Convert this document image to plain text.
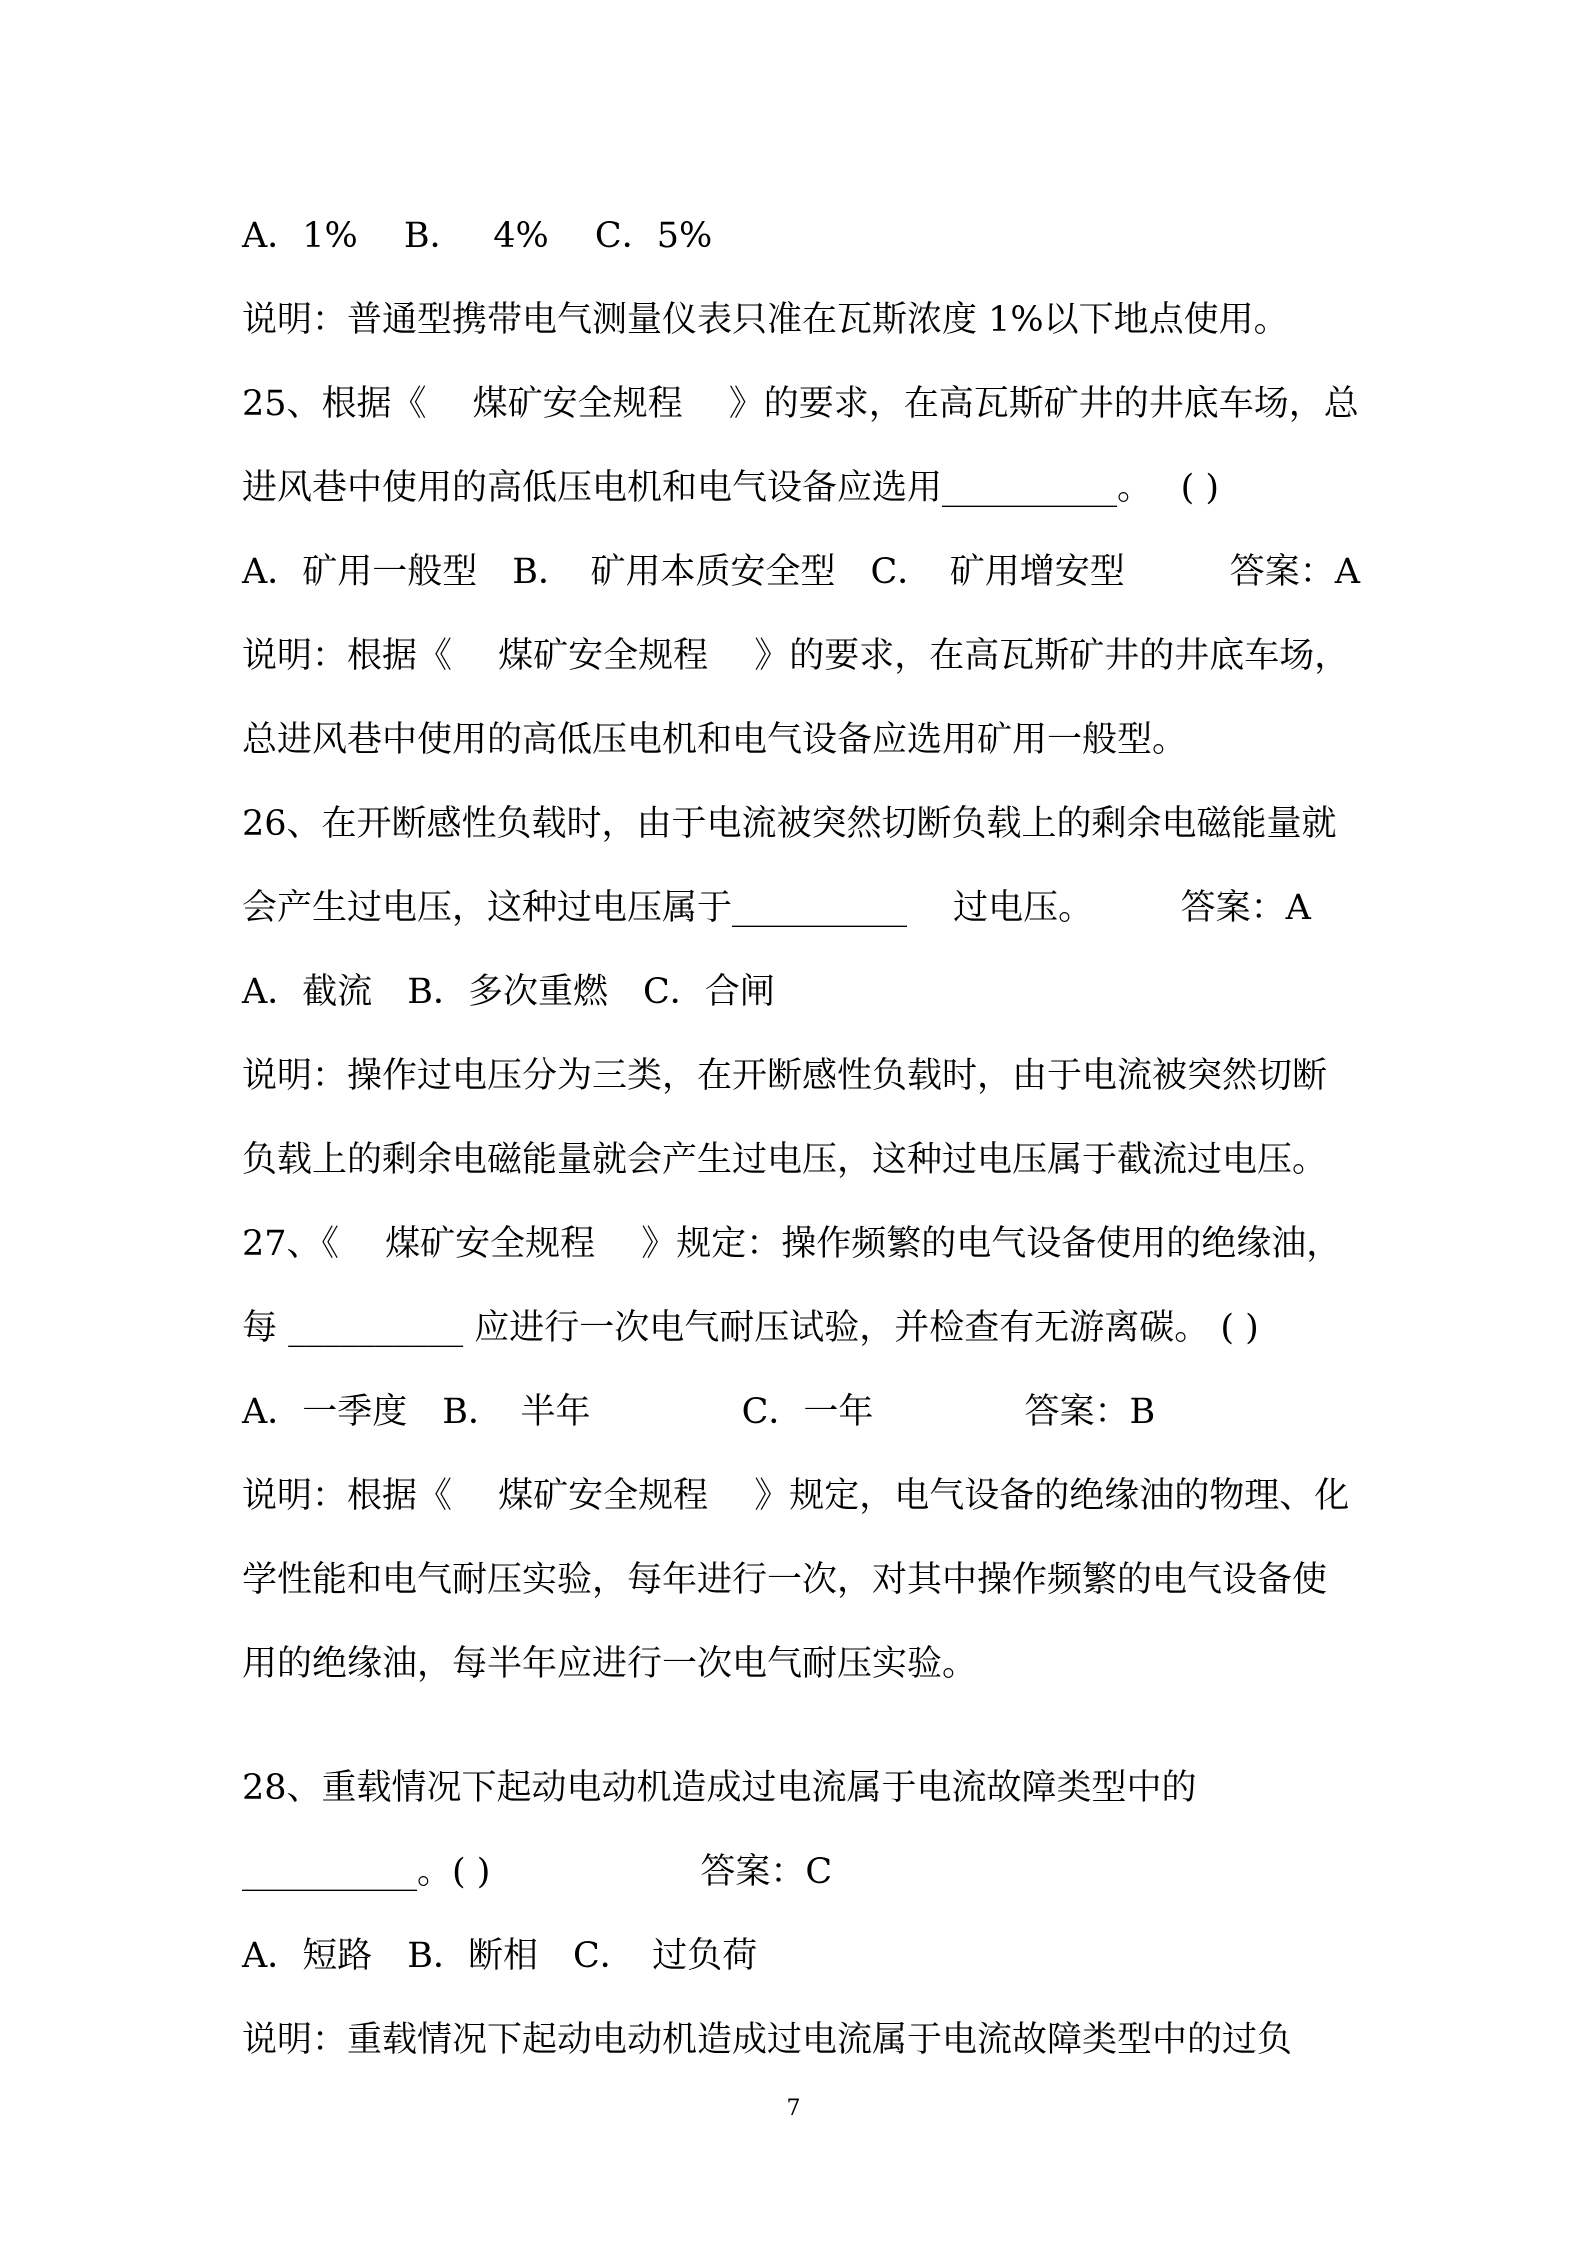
A．1%　 B．　 4%　 C．5%
说明：普通型携带电气测量仪表只准在瓦斯浓度 1%以下地点使用。
25、根据《　 煤矿安全规程　 》的要求，在高瓦斯矿井的井底车场，总
进风巷中使用的高低压电机和电气设备应选用__________。　 ( )
A．矿用一般型　B．　矿用本质安全型　C．　矿用增安型　　　答案：A
说明：根据《　 煤矿安全规程　 》的要求，在高瓦斯矿井的井底车场，
总进风巷中使用的高低压电机和电气设备应选用矿用一般型。
26、在开断感性负载时，由于电流被突然切断负载上的剩余电磁能量就
会产生过电压，这种过电压属于__________　 过电压。　　　答案：A
A．截流　B．多次重燃　C．合闸
说明：操作过电压分为三类，在开断感性负载时，由于电流被突然切断
负载上的剩余电磁能量就会产生过电压，这种过电压属于截流过电压。
27、《　 煤矿安全规程　 》规定：操作频繁的电气设备使用的绝缘油，
每 __________ 应进行一次电气耐压试验，并检查有无游离碳。 ( )
A．一季度　B．　半年　　　　 C．一年　　　　 答案：B
说明：根据《　 煤矿安全规程　 》规定，电气设备的绝缘油的物理、化
学性能和电气耐压实验，每年进行一次，对其中操作频繁的电气设备使
用的绝缘油，每半年应进行一次电气耐压实验。
28、重载情况下起动电动机造成过电流属于电流故障类型中的
__________。( )　　　　　　答案：C
A．短路　B．断相　C．　过负荷
说明：重载情况下起动电动机造成过电流属于电流故障类型中的过负
7
